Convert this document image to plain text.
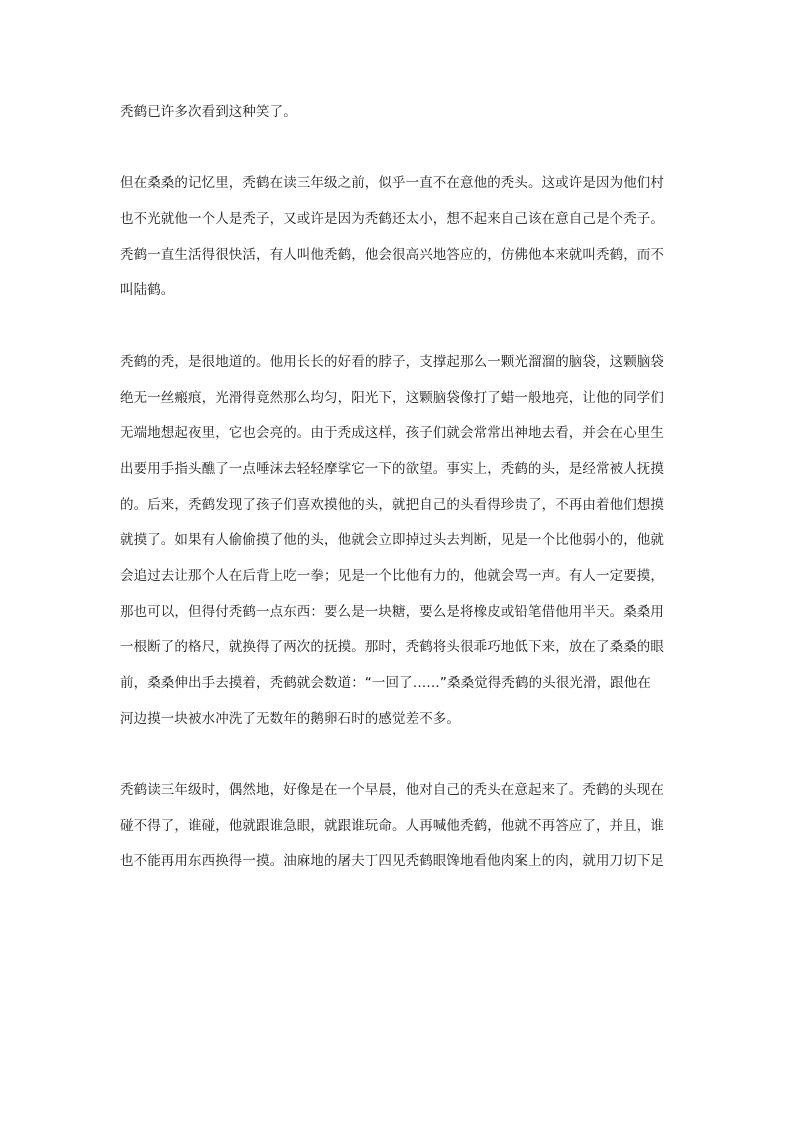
秃鹤已许多次看到这种笑了。

但在桑桑的记忆里，秃鹤在读三年级之前，似乎一直不在意他的秃头。这或许是因为他们村
也不光就他一个人是秃子，又或许是因为秃鹤还太小，想不起来自己该在意自己是个秃子。
秃鹤一直生活得很快活，有人叫他秃鹤，他会很高兴地答应的，仿佛他本来就叫秃鹤，而不
叫陆鹤。

秃鹤的秃，是很地道的。他用长长的好看的脖子，支撑起那么一颗光溜溜的脑袋，这颗脑袋
绝无一丝瘢痕，光滑得竟然那么均匀，阳光下，这颗脑袋像打了蜡一般地亮，让他的同学们
无端地想起夜里，它也会亮的。由于秃成这样，孩子们就会常常出神地去看，并会在心里生
出要用手指头醮了一点唾沫去轻轻摩挲它一下的欲望。事实上，秃鹤的头，是经常被人抚摸
的。后来，秃鹤发现了孩子们喜欢摸他的头，就把自己的头看得珍贵了，不再由着他们想摸
就摸了。如果有人偷偷摸了他的头，他就会立即掉过头去判断，见是一个比他弱小的，他就
会追过去让那个人在后背上吃一拳；见是一个比他有力的，他就会骂一声。有人一定要摸，
那也可以，但得付秃鹤一点东西：要么是一块糖，要么是将橡皮或铅笔借他用半天。桑桑用
一根断了的格尺，就换得了两次的抚摸。那时，秃鹤将头很乖巧地低下来，放在了桑桑的眼
前，桑桑伸出手去摸着，秃鹤就会数道：“一回了……”桑桑觉得秃鹤的头很光滑，跟他在
河边摸一块被水冲洗了无数年的鹅卵石时的感觉差不多。

秃鹤读三年级时，偶然地，好像是在一个早晨，他对自己的秃头在意起来了。秃鹤的头现在
碰不得了，谁碰，他就跟谁急眼，就跟谁玩命。人再喊他秃鹤，他就不再答应了，并且，谁
也不能再用东西换得一摸。油麻地的屠夫丁四见秃鹤眼馋地看他肉案上的肉，就用刀切下足
